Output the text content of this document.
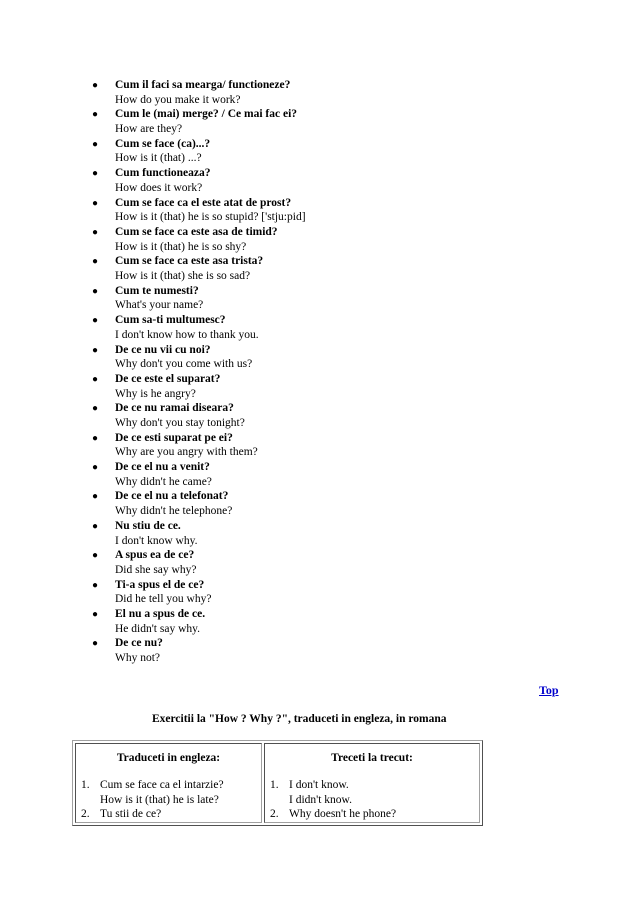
● Cum il faci sa mearga/ functioneze?
How do you make it work?
● Cum le (mai) merge? / Ce mai fac ei?
How are they?
● Cum se face (ca)...?
How is it (that) ...?
● Cum functioneaza?
How does it work?
● Cum se face ca el este atat de prost?
How is it (that) he is so stupid? ['stju:pid]
● Cum se face ca este asa de timid?
How is it (that) he is so shy?
● Cum se face ca este asa trista?
How is it (that) she is so sad?
● Cum te numesti?
What's your name?
● Cum sa-ti multumesc?
I don't know how to thank you.
● De ce nu vii cu noi?
Why don't you come with us?
● De ce este el suparat?
Why is he angry?
● De ce nu ramai diseara?
Why don't you stay tonight?
● De ce esti suparat pe ei?
Why are you angry with them?
● De ce el nu a venit?
Why didn't he came?
● De ce el nu a telefonat?
Why didn't he telephone?
● Nu stiu de ce.
I don't know why.
● A spus ea de ce?
Did she say why?
● Ti-a spus el de ce?
Did he tell you why?
● El nu a spus de ce.
He didn't say why.
● De ce nu?
Why not?
Top
Exercitii la "How ? Why ?", traduceti in engleza, in romana
Traduceti in engleza:
1. Cum se face ca el intarzie?
How is it (that) he is late?
2. Tu stii de ce?

Treceti la trecut:
1. I don't know.
I didn't know.
2. Why doesn't he phone?
